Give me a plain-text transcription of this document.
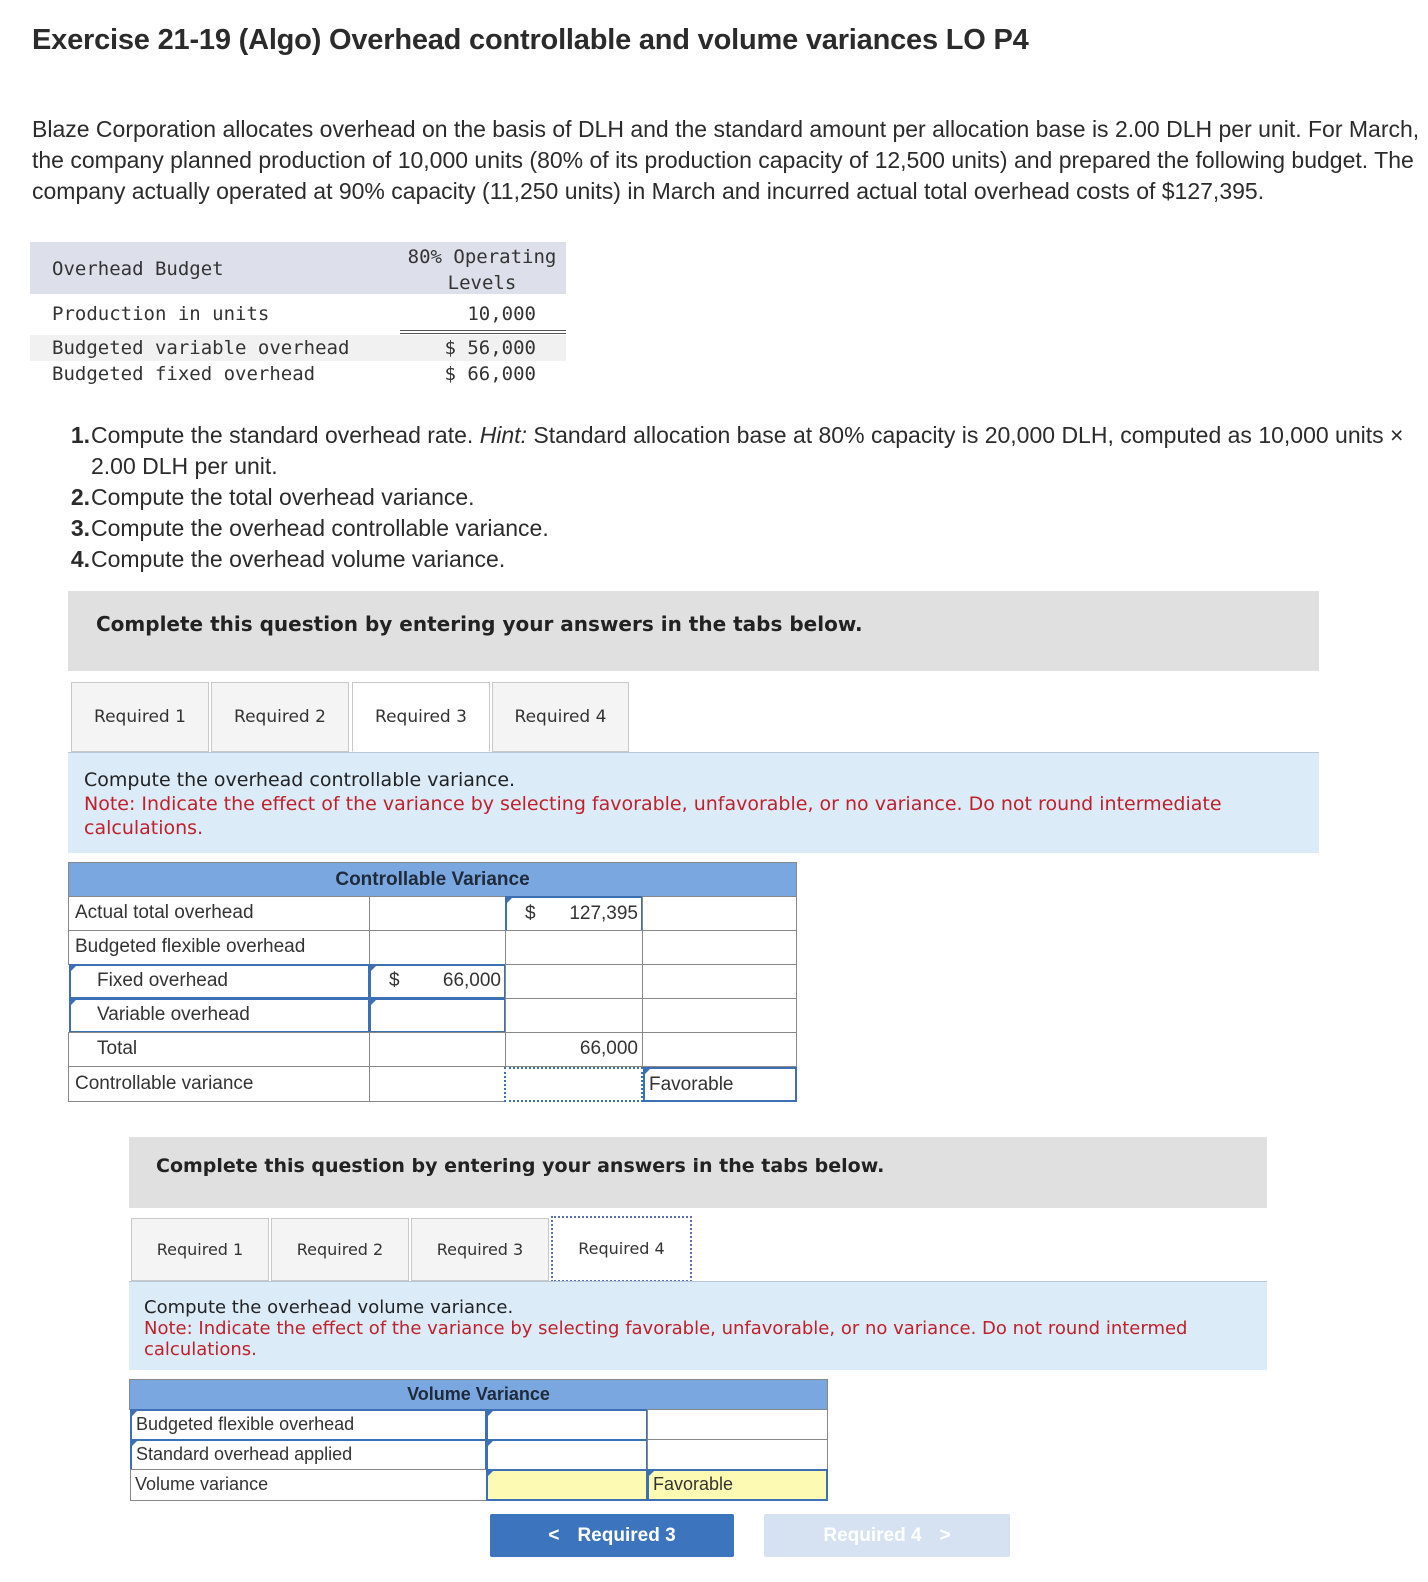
Exercise 21-19 (Algo) Overhead controllable and volume variances LO P4
Blaze Corporation allocates overhead on the basis of DLH and the standard amount per allocation base is 2.00 DLH per unit. For March, the company planned production of 10,000 units (80% of its production capacity of 12,500 units) and prepared the following budget. The company actually operated at 90% capacity (11,250 units) in March and incurred actual total overhead costs of $127,395.
Overhead Budget
80% Operating
Levels
Production in units	10,000
Budgeted variable overhead	$ 56,000
Budgeted fixed overhead	$ 66,000
1. Compute the standard overhead rate. Hint: Standard allocation base at 80% capacity is 20,000 DLH, computed as 10,000 units × 2.00 DLH per unit.
2. Compute the total overhead variance.
3. Compute the overhead controllable variance.
4. Compute the overhead volume variance.
Complete this question by entering your answers in the tabs below.
Required 1	Required 2	Required 3	Required 4
Compute the overhead controllable variance.
Note: Indicate the effect of the variance by selecting favorable, unfavorable, or no variance. Do not round intermediate calculations.
Controllable Variance
Actual total overhead	$ 127,395
Budgeted flexible overhead
Fixed overhead	$ 66,000
Variable overhead
Total	66,000
Controllable variance	Favorable
Complete this question by entering your answers in the tabs below.
Required 1	Required 2	Required 3	Required 4
Compute the overhead volume variance.
Note: Indicate the effect of the variance by selecting favorable, unfavorable, or no variance. Do not round intermed calculations.
Volume Variance
Budgeted flexible overhead
Standard overhead applied
Volume variance	Favorable
< Required 3	Required 4 >
